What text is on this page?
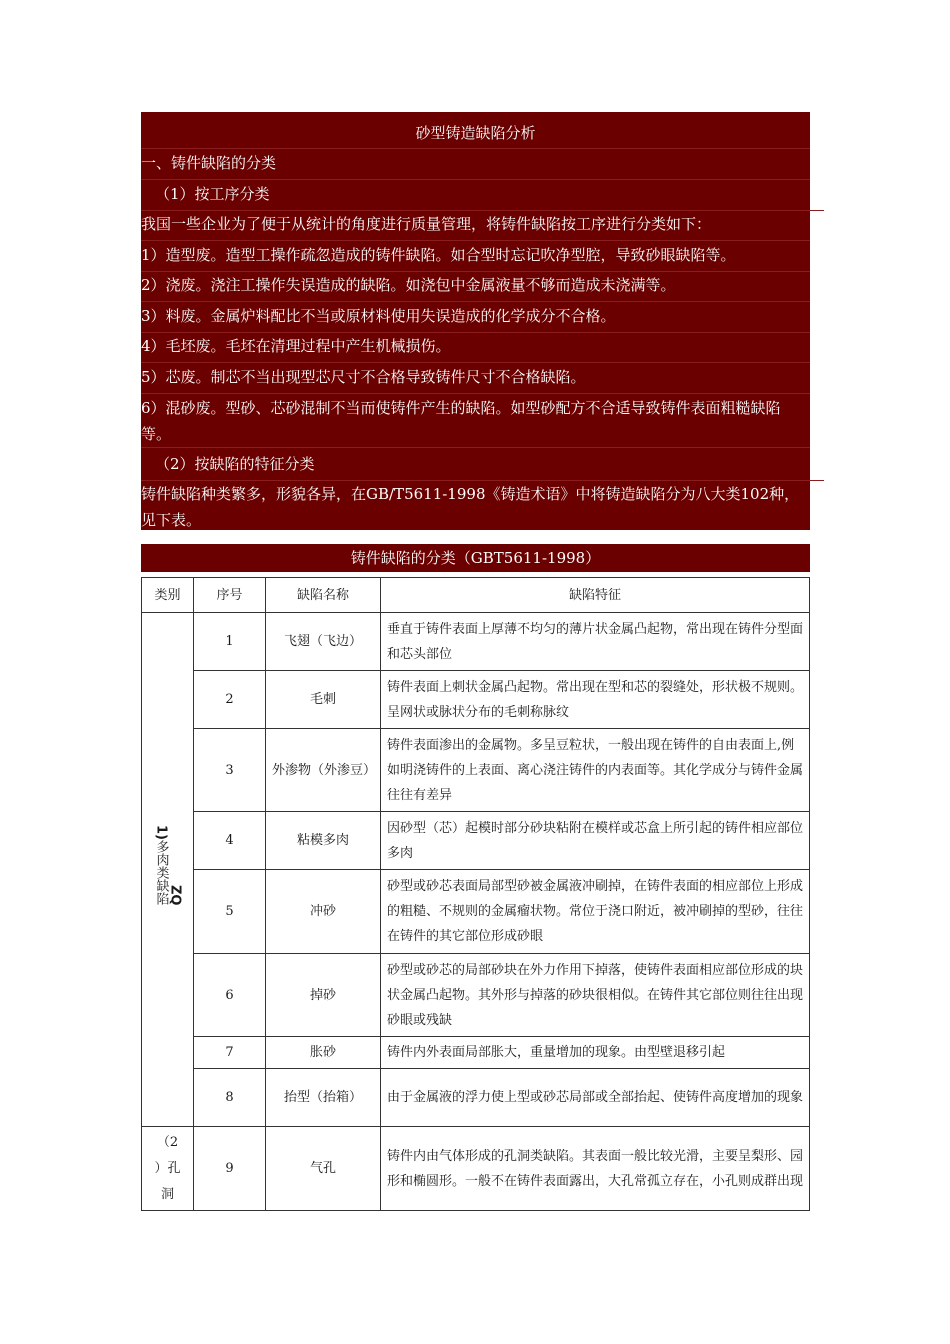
砂型铸造缺陷分析
一、铸件缺陷的分类
（1）按工序分类
我国一些企业为了便于从统计的角度进行质量管理，将铸件缺陷按工序进行分类如下：
1）造型废。造型工操作疏忽造成的铸件缺陷。如合型时忘记吹净型腔，导致砂眼缺陷等。
2）浇废。浇注工操作失误造成的缺陷。如浇包中金属液量不够而造成未浇满等。
3）料废。金属炉料配比不当或原材料使用失误造成的化学成分不合格。
4）毛坯废。毛坯在清理过程中产生机械损伤。
5）芯废。制芯不当出现型芯尺寸不合格导致铸件尺寸不合格缺陷。
6）混砂废。型砂、芯砂混制不当而使铸件产生的缺陷。如型砂配方不合适导致铸件表面粗糙缺陷等。
（2）按缺陷的特征分类
铸件缺陷种类繁多，形貌各异，在GB/T5611-1998《铸造术语》中将铸造缺陷分为八大类102种，见下表。
铸件缺陷的分类（GBT5611-1998）
类别	序号	缺陷名称	缺陷特征
1)多肉类缺陷ZQ	1	飞翅（飞边）	垂直于铸件表面上厚薄不均匀的薄片状金属凸起物，常出现在铸件分型面和芯头部位
	2	毛刺	铸件表面上刺状金属凸起物。常出现在型和芯的裂缝处，形状极不规则。呈网状或脉状分布的毛刺称脉纹
	3	外渗物（外渗豆）	铸件表面渗出的金属物。多呈豆粒状，一般出现在铸件的自由表面上,例如明浇铸件的上表面、离心浇注铸件的内表面等。其化学成分与铸件金属往往有差异
	4	粘模多肉	因砂型（芯）起模时部分砂块粘附在模样或芯盒上所引起的铸件相应部位多肉
	5	冲砂	砂型或砂芯表面局部型砂被金属液冲刷掉，在铸件表面的相应部位上形成的粗糙、不规则的金属瘤状物。常位于浇口附近，被冲刷掉的型砂，往往在铸件的其它部位形成砂眼
	6	掉砂	砂型或砂芯的局部砂块在外力作用下掉落，使铸件表面相应部位形成的块状金属凸起物。其外形与掉落的砂块很相似。在铸件其它部位则往往出现砂眼或残缺
	7	胀砂	铸件内外表面局部胀大，重量增加的现象。由型壁退移引起
	8	抬型（抬箱）	由于金属液的浮力使上型或砂芯局部或全部抬起、使铸件高度增加的现象

（2
）孔
洞	9	气孔	铸件内由气体形成的孔洞类缺陷。其表面一般比较光滑，主要呈梨形、园形和椭圆形。一般不在铸件表面露出，大孔常孤立存在，小孔则成群出现
